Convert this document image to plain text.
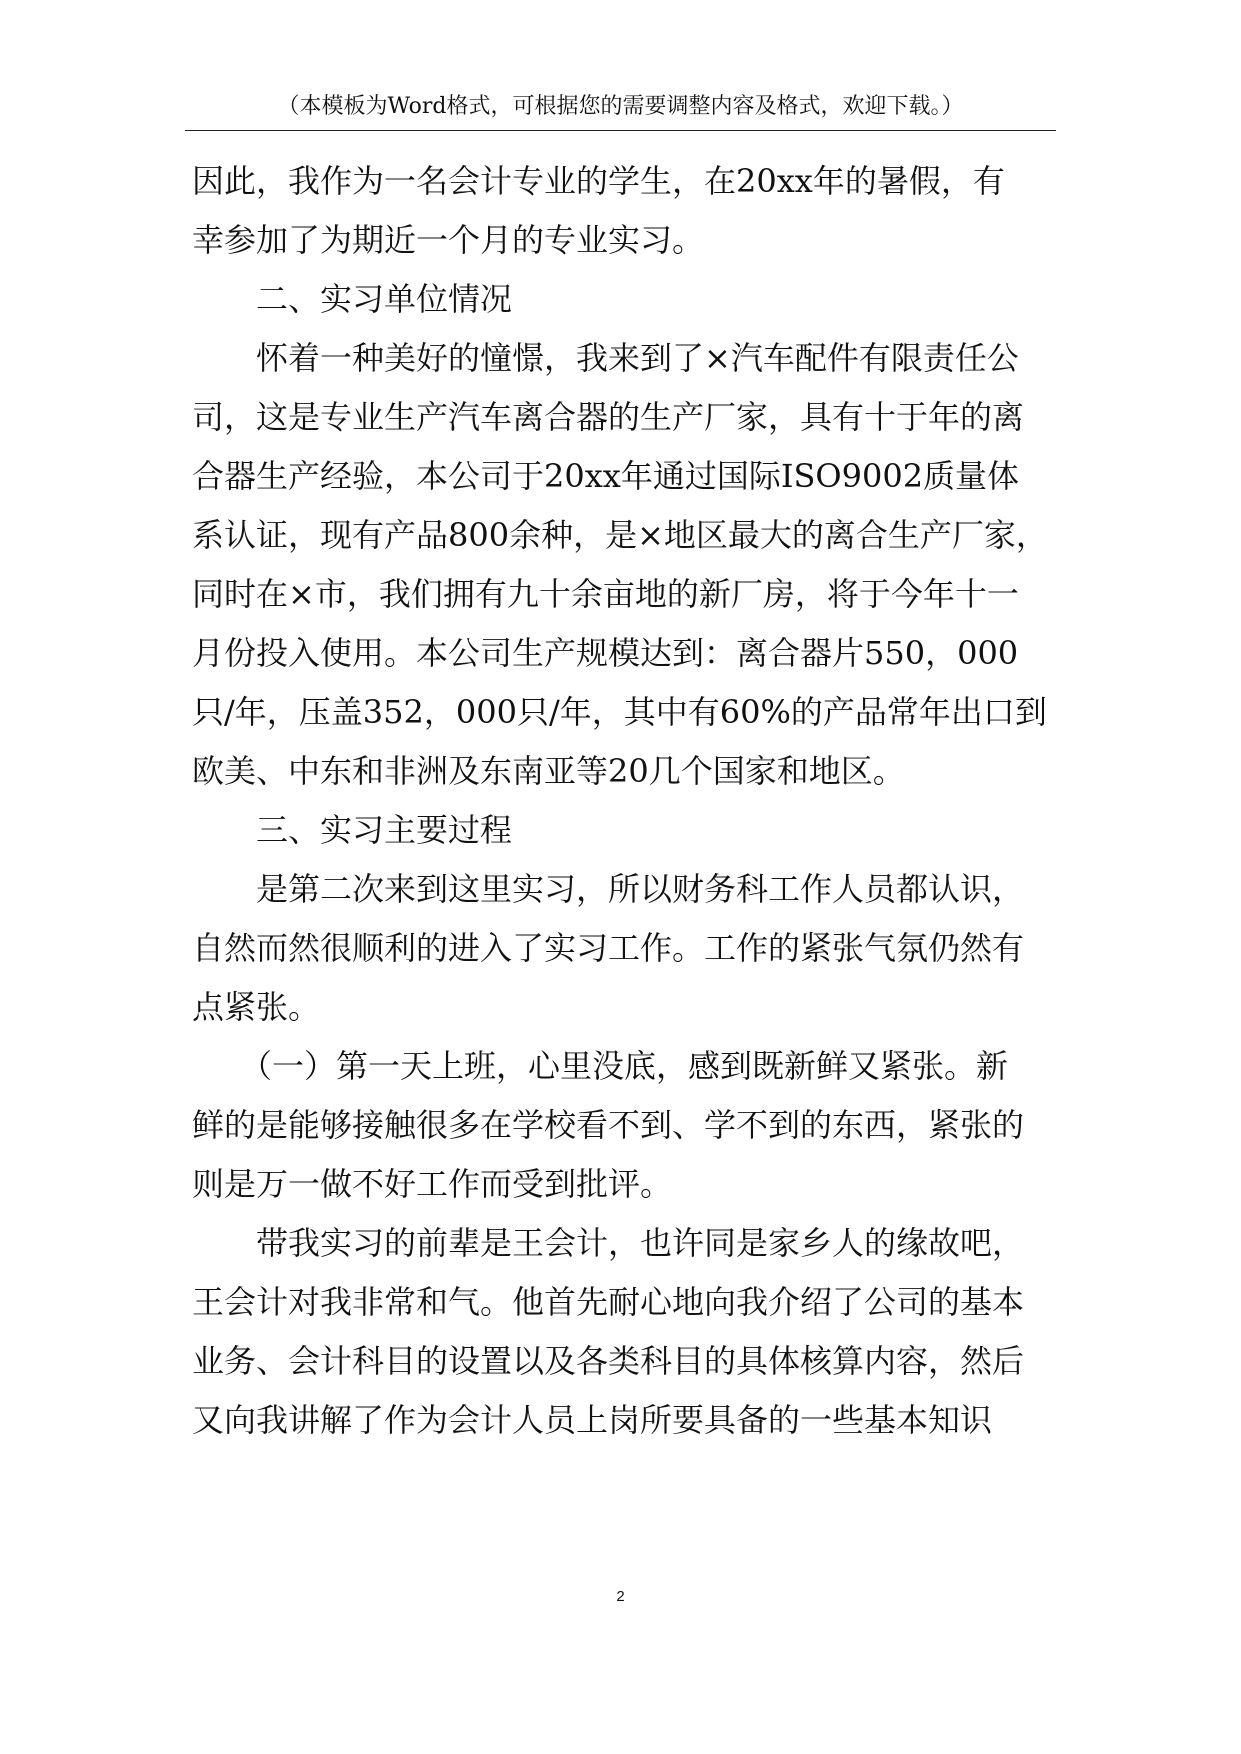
（本模板为Word格式，可根据您的需要调整内容及格式，欢迎下载。）
因此，我作为一名会计专业的学生，在20xx年的暑假，有
幸参加了为期近一个月的专业实习。
　　二、实习单位情况
　　怀着一种美好的憧憬，我来到了×汽车配件有限责任公
司，这是专业生产汽车离合器的生产厂家，具有十于年的离
合器生产经验，本公司于20xx年通过国际ISO9002质量体
系认证，现有产品800余种，是×地区最大的离合生产厂家，
同时在×市，我们拥有九十余亩地的新厂房，将于今年十一
月份投入使用。本公司生产规模达到：离合器片550，000
只/年，压盖352，000只/年，其中有60%的产品常年出口到
欧美、中东和非洲及东南亚等20几个国家和地区。
　　三、实习主要过程
　　是第二次来到这里实习，所以财务科工作人员都认识，
自然而然很顺利的进入了实习工作。工作的紧张气氛仍然有
点紧张。
　　（一）第一天上班，心里没底，感到既新鲜又紧张。新
鲜的是能够接触很多在学校看不到、学不到的东西，紧张的
则是万一做不好工作而受到批评。
　　带我实习的前辈是王会计，也许同是家乡人的缘故吧，
王会计对我非常和气。他首先耐心地向我介绍了公司的基本
业务、会计科目的设置以及各类科目的具体核算内容，然后
又向我讲解了作为会计人员上岗所要具备的一些基本知识
2
